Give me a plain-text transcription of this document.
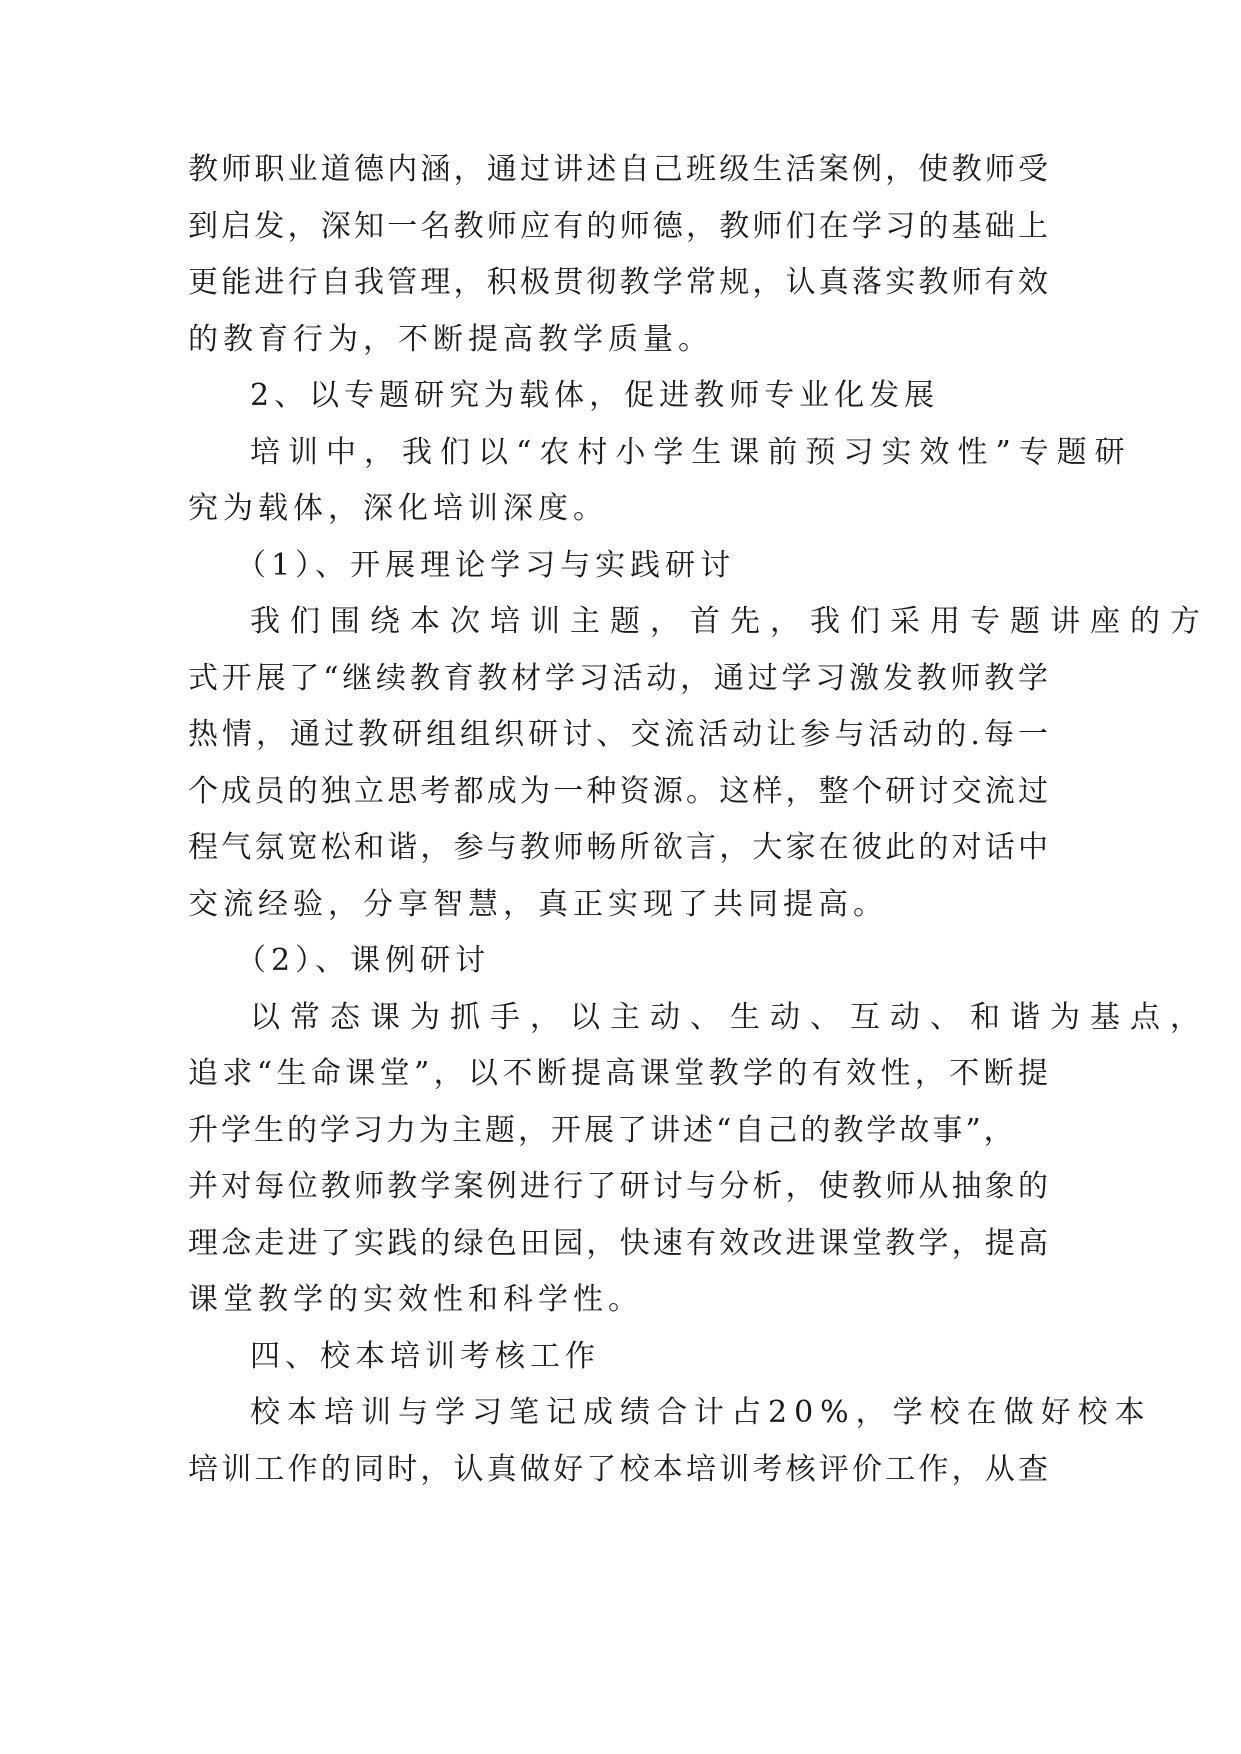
教师职业道德内涵，通过讲述自己班级生活案例，使教师受
到启发，深知一名教师应有的师德，教师们在学习的基础上
更能进行自我管理，积极贯彻教学常规，认真落实教师有效
的教育行为，不断提高教学质量。
2、以专题研究为载体，促进教师专业化发展
培训中，我们以“农村小学生课前预习实效性”专题研
究为载体，深化培训深度。
（1）、开展理论学习与实践研讨
我们围绕本次培训主题，首先，我们采用专题讲座的方
式开展了“继续教育教材学习活动，通过学习激发教师教学
热情，通过教研组组织研讨、交流活动让参与活动的.每一
个成员的独立思考都成为一种资源。这样，整个研讨交流过
程气氛宽松和谐，参与教师畅所欲言，大家在彼此的对话中
交流经验，分享智慧，真正实现了共同提高。
（2）、课例研讨
以常态课为抓手，以主动、生动、互动、和谐为基点，
追求“生命课堂”，以不断提高课堂教学的有效性，不断提
升学生的学习力为主题，开展了讲述“自己的教学故事”，
并对每位教师教学案例进行了研讨与分析，使教师从抽象的
理念走进了实践的绿色田园，快速有效改进课堂教学，提高
课堂教学的实效性和科学性。
四、校本培训考核工作
校本培训与学习笔记成绩合计占20%，学校在做好校本
培训工作的同时，认真做好了校本培训考核评价工作，从查
